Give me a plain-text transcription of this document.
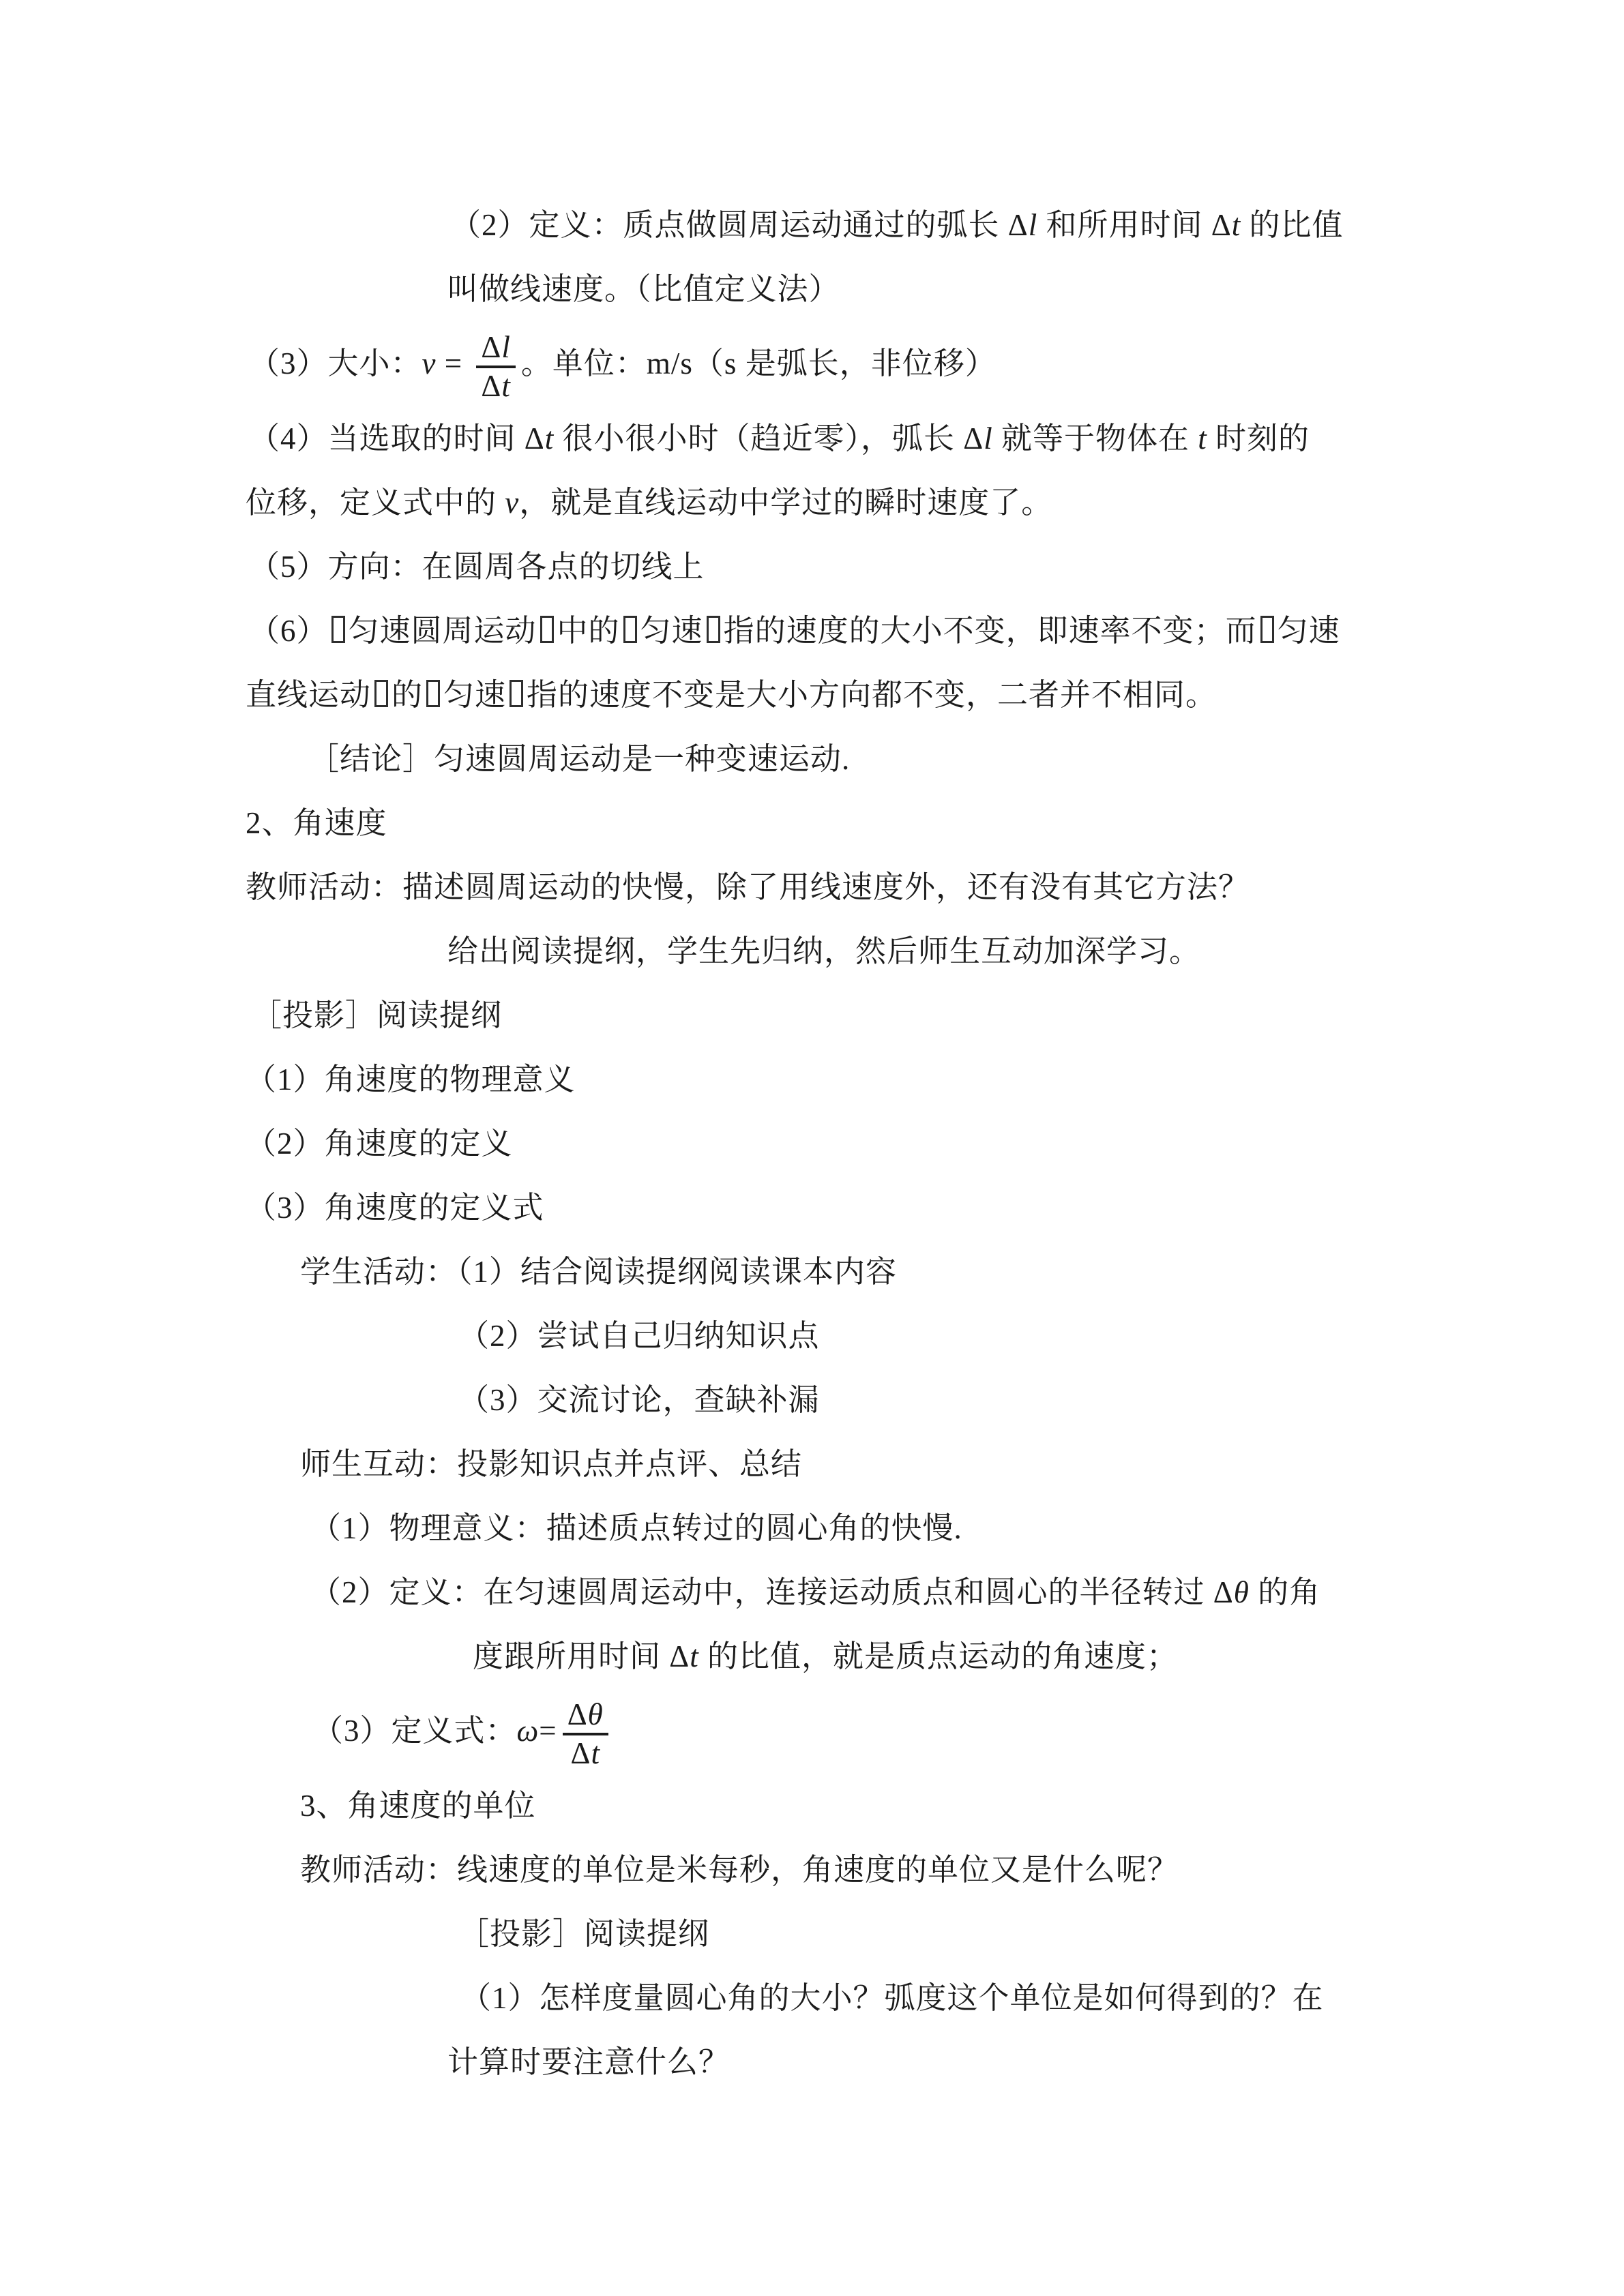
（2）定义：质点做圆周运动通过的弧长 Δl 和所用时间 Δt 的比值
叫做线速度。（比值定义法）
（3）大小：$v = \frac{\Delta l}{\Delta t}$ 。单位：m/s（s 是弧长，非位移）
（4）当选取的时间 Δt 很小很小时（趋近零），弧长 Δl 就等于物体在 t 时刻的
位移，定义式中的 v，就是直线运动中学过的瞬时速度了。
（5）方向：在圆周各点的切线上
（6） 匀速圆周运动 中的 匀速 指的速度的大小不变，即速率不变；而 匀速
直线运动 的 匀速 指的速度不变是大小方向都不变，二者并不相同。
［结论］匀速圆周运动是一种变速运动.
2、角速度
教师活动：描述圆周运动的快慢，除了用线速度外，还有没有其它方法？
给出阅读提纲，学生先归纳，然后师生互动加深学习。
［投影］阅读提纲
（1）角速度的物理意义
（2）角速度的定义
（3）角速度的定义式
学生活动：（1）结合阅读提纲阅读课本内容
（2）尝试自己归纳知识点
（3）交流讨论，查缺补漏
师生互动：投影知识点并点评、总结
（1）物理意义：描述质点转过的圆心角的快慢.
（2）定义：在匀速圆周运动中，连接运动质点和圆心的半径转过 Δθ 的角
度跟所用时间 Δt 的比值，就是质点运动的角速度；
（3）定义式：$\omega= \frac{\Delta\theta}{\Delta t}$
3、角速度的单位
教师活动：线速度的单位是米每秒，角速度的单位又是什么呢？
［投影］阅读提纲
（1）怎样度量圆心角的大小？弧度这个单位是如何得到的？在
计算时要注意什么？
